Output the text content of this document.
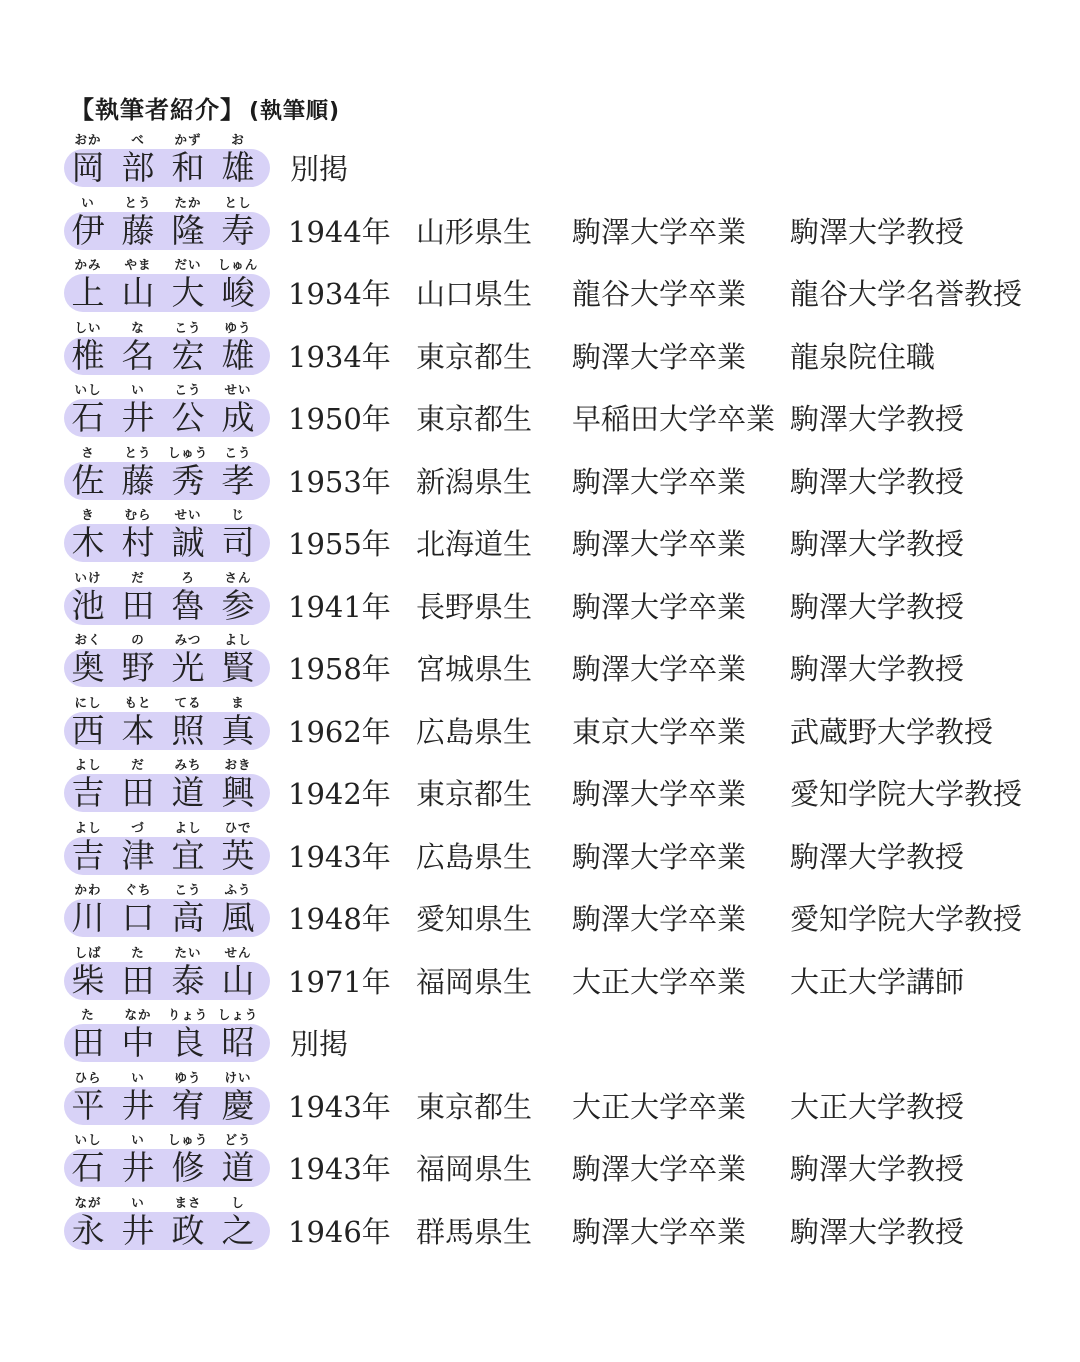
【執筆者紹介】 (執筆順)
おか	べ	かず	お
岡 部 和 雄 別掲
い	とう	たか	とし
伊 藤 隆 寿 1944年 山形県生 駒澤大学卒業 駒澤大学教授
かみ	やま	だい	しゅん
上 山 大 峻 1934年 山口県生 龍谷大学卒業 龍谷大学名誉教授
しい	な	こう	ゆう
椎 名 宏 雄 1934年 東京都生 駒澤大学卒業 龍泉院住職
いし	い	こう	せい
石 井 公 成 1950年 東京都生 早稲田大学卒業 駒澤大学教授
さ	とう	しゅう	こう
佐 藤 秀 孝 1953年 新潟県生 駒澤大学卒業 駒澤大学教授
き	むら	せい	じ
木 村 誠 司 1955年 北海道生 駒澤大学卒業 駒澤大学教授
いけ	だ	ろ	さん
池 田 魯 参 1941年 長野県生 駒澤大学卒業 駒澤大学教授
おく	の	みつ	よし
奥 野 光 賢 1958年 宮城県生 駒澤大学卒業 駒澤大学教授
にし	もと	てる	ま
西 本 照 真 1962年 広島県生 東京大学卒業 武蔵野大学教授
よし	だ	みち	おき
吉 田 道 興 1942年 東京都生 駒澤大学卒業 愛知学院大学教授
よし	づ	よし	ひで
吉 津 宜 英 1943年 広島県生 駒澤大学卒業 駒澤大学教授
かわ	ぐち	こう	ふう
川 口 高 風 1948年 愛知県生 駒澤大学卒業 愛知学院大学教授
しば	た	たい	せん
柴 田 泰 山 1971年 福岡県生 大正大学卒業 大正大学講師
た	なか	りょう しょう
田 中 良 昭 別掲
ひら	い	ゆう	けい
平 井 宥 慶 1943年 東京都生 大正大学卒業 大正大学教授
いし	い	しゅう	どう
石 井 修 道 1943年 福岡県生 駒澤大学卒業 駒澤大学教授
なが	い	まさ	し
永 井 政 之 1946年 群馬県生 駒澤大学卒業 駒澤大学教授
